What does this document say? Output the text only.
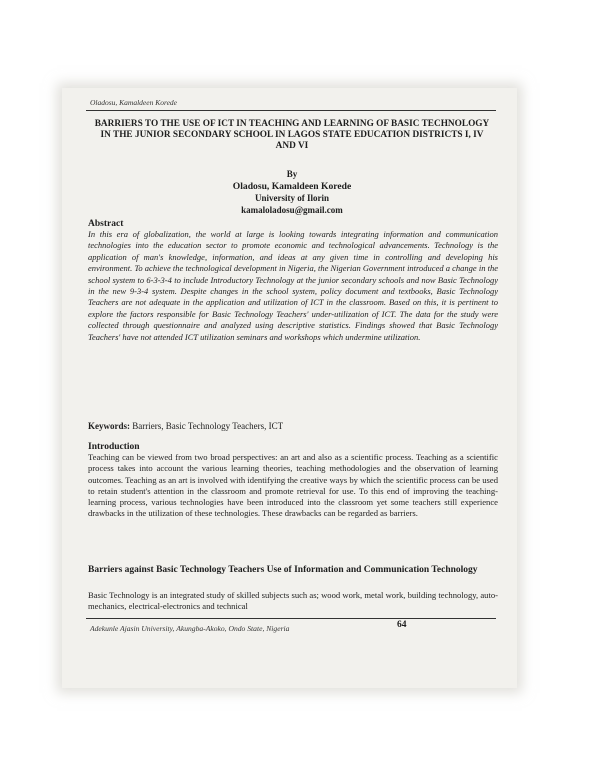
Oladosu, Kamaldeen Korede
BARRIERS TO THE USE OF ICT IN TEACHING AND LEARNING OF BASIC TECHNOLOGY IN THE JUNIOR SECONDARY SCHOOL IN LAGOS STATE EDUCATION DISTRICTS I, IV AND VI
By
Oladosu, Kamaldeen Korede
University of Ilorin
kamaloladosu@gmail.com
Abstract
In this era of globalization, the world at large is looking towards integrating information and communication technologies into the education sector to promote economic and technological advancements. Technology is the application of man's knowledge, information, and ideas at any given time in controlling and developing his environment. To achieve the technological development in Nigeria, the Nigerian Government introduced a change in the school system to 6-3-3-4 to include Introductory Technology at the junior secondary schools and now Basic Technology in the new 9-3-4 system. Despite changes in the school system, policy document and textbooks, Basic Technology Teachers are not adequate in the application and utilization of ICT in the classroom. Based on this, it is pertinent to explore the factors responsible for Basic Technology Teachers' under-utilization of ICT. The data for the study were collected through questionnaire and analyzed using descriptive statistics. Findings showed that Basic Technology Teachers' have not attended ICT utilization seminars and workshops which undermine utilization.
Keywords: Barriers, Basic Technology Teachers, ICT
Introduction
Teaching can be viewed from two broad perspectives: an art and also as a scientific process. Teaching as a scientific process takes into account the various learning theories, teaching methodologies and the observation of learning outcomes. Teaching as an art is involved with identifying the creative ways by which the scientific process can be used to retain student's attention in the classroom and promote retrieval for use. To this end of improving the teaching-learning process, various technologies have been introduced into the classroom yet some teachers still experience drawbacks in the utilization of these technologies. These drawbacks can be regarded as barriers.
Barriers against Basic Technology Teachers Use of Information and Communication Technology
Basic Technology is an integrated study of skilled subjects such as; wood work, metal work, building technology, auto-mechanics, electrical-electronics and technical
Adekunle Ajasin University, Akungba-Akoko, Ondo State, Nigeria	64
